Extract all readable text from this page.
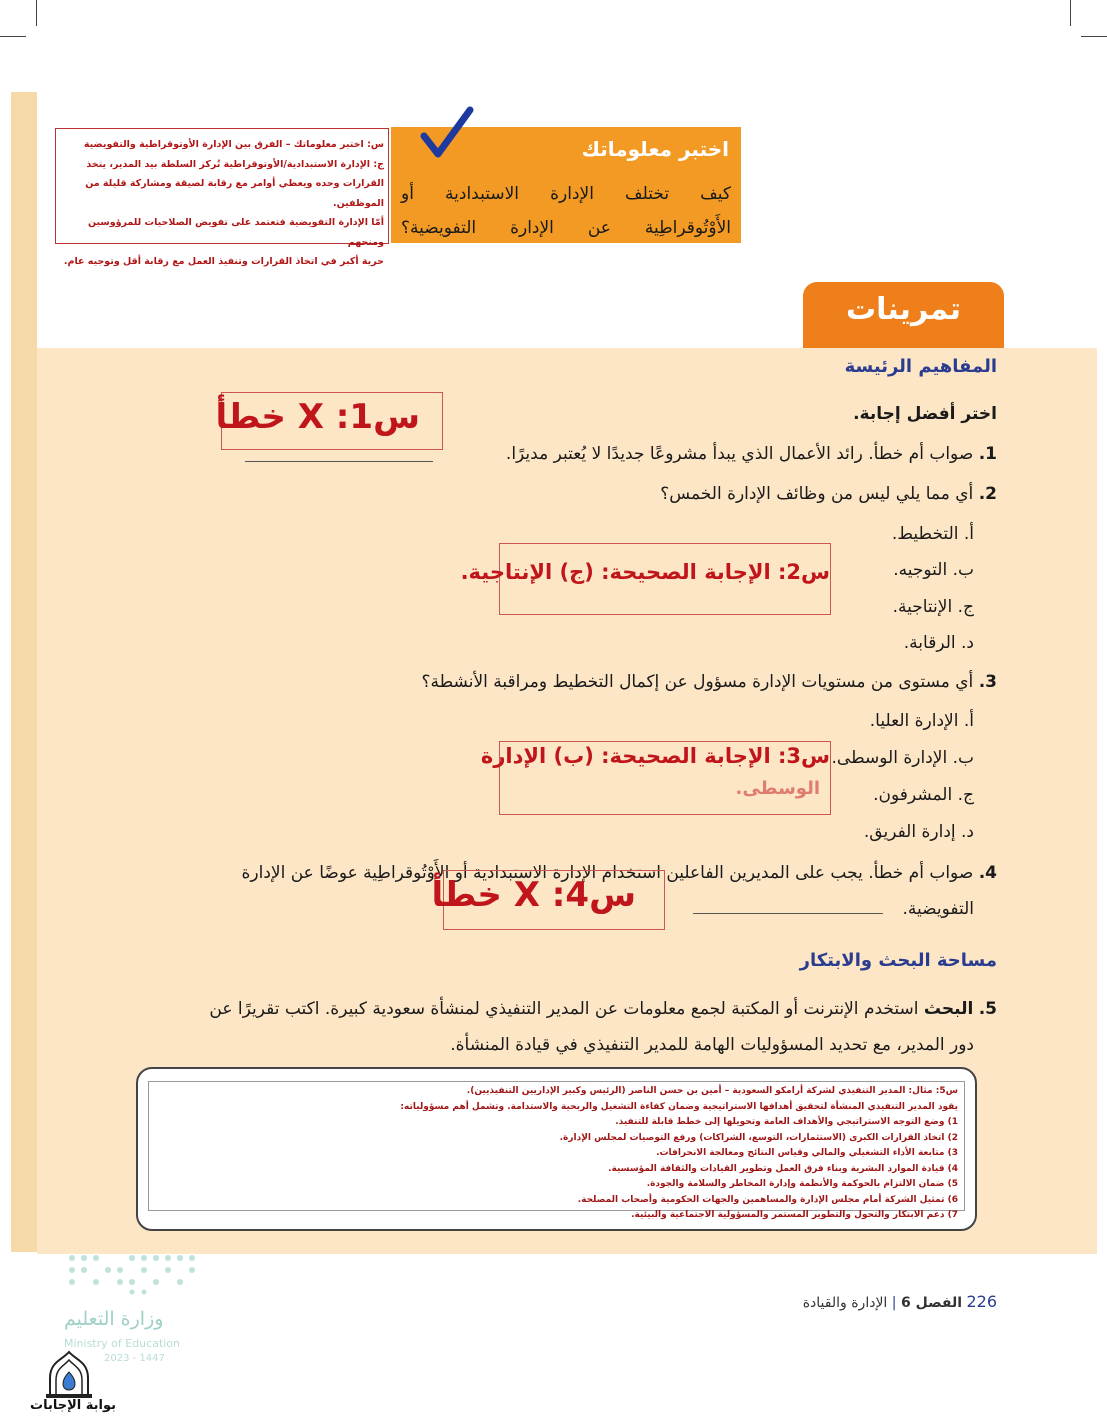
اختبر معلوماتك
كيف تختلف الإدارة الاستبدادية أو
الأَوْتُوقراطِية عن الإدارة التفويضية؟
س: اختبر معلوماتك – الفرق بين الإدارة الأوتوقراطية والتفويضية
ج: الإدارة الاستبدادية/الأوتوقراطية تُركز السلطة بيد المدير، يتخذ
القرارات وحده ويعطي أوامر مع رقابة لصيقة ومشاركة قليلة من الموظفين.
أمّا الإدارة التفويضية فتعتمد على تفويض الصلاحيات للمرؤوسين ومنحهم
حرية أكبر في اتخاذ القرارات وتنفيذ العمل مع رقابة أقل وتوجيه عام.
تمرينات
المفاهيم الرئيسة
اختر أفضل إجابة.
1. صواب أم خطأ. رائد الأعمال الذي يبدأ مشروعًا جديدًا لا يُعتبر مديرًا.
2. أي مما يلي ليس من وظائف الإدارة الخمس؟
أ. التخطيط.
ب. التوجيه.
ج. الإنتاجية.
د. الرقابة.
3. أي مستوى من مستويات الإدارة مسؤول عن إكمال التخطيط ومراقبة الأنشطة؟
أ. الإدارة العليا.
ب. الإدارة الوسطى.
ج. المشرفون.
د. إدارة الفريق.
4. صواب أم خطأ. يجب على المديرين الفاعلين استخدام الإدارة الاستبدادية أو الأَوْتُوقراطِية عوضًا عن الإدارة
التفويضية.
س1: X خطأ
س2: الإجابة الصحيحة: (ج) الإنتاجية.
س3: الإجابة الصحيحة: (ب) الإدارة
الوسطى.
س4: X خطأ
مساحة البحث والابتكار
5. البحث استخدم الإنترنت أو المكتبة لجمع معلومات عن المدير التنفيذي لمنشأة سعودية كبيرة. اكتب تقريرًا عن
دور المدير، مع تحديد المسؤوليات الهامة للمدير التنفيذي في قيادة المنشأة.
س5: مثال: المدير التنفيذي لشركة أرامكو السعودية – أمين بن حسن الناصر (الرئيس وكبير الإداريين التنفيذيين).
يقود المدير التنفيذي المنشأة لتحقيق أهدافها الاستراتيجية وضمان كفاءة التشغيل والربحية والاستدامة. وتشمل أهم مسؤولياته:
1) وضع التوجه الاستراتيجي والأهداف العامة وتحويلها إلى خطط قابلة للتنفيذ.
2) اتخاذ القرارات الكبرى (الاستثمارات، التوسع، الشراكات) ورفع التوصيات لمجلس الإدارة.
3) متابعة الأداء التشغيلي والمالي وقياس النتائج ومعالجة الانحرافات.
4) قيادة الموارد البشرية وبناء فرق العمل وتطوير القيادات والثقافة المؤسسية.
5) ضمان الالتزام بالحوكمة والأنظمة وإدارة المخاطر والسلامة والجودة.
6) تمثيل الشركة أمام مجلس الإدارة والمساهمين والجهات الحكومية وأصحاب المصلحة.
7) دعم الابتكار والتحول والتطوير المستمر والمسؤولية الاجتماعية والبيئية.
226 الفصل 6 | الإدارة والقيادة
وزارة التعليم
Ministry of Education
2023 - 1447
بوابة الإجابات
